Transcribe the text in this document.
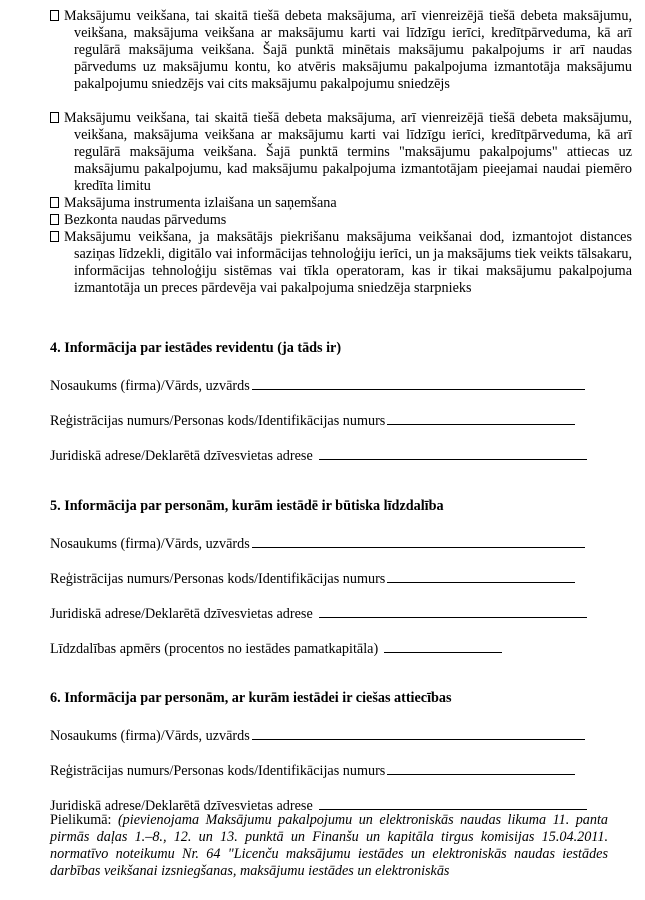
Maksājumu veikšana, tai skaitā tiešā debeta maksājuma, arī vienreizējā tiešā debeta maksājumu, veikšana, maksājuma veikšana ar maksājumu karti vai līdzīgu ierīci, kredītpārveduma, kā arī regulārā maksājuma veikšana. Šajā punktā minētais maksājumu pakalpojums ir arī naudas pārvedums uz maksājumu kontu, ko atvēris maksājumu pakalpojuma izmantotāja maksājumu pakalpojumu sniedzējs vai cits maksājumu pakalpojumu sniedzējs
Maksājumu veikšana, tai skaitā tiešā debeta maksājuma, arī vienreizējā tiešā debeta maksājumu, veikšana, maksājuma veikšana ar maksājumu karti vai līdzīgu ierīci, kredītpārveduma, kā arī regulārā maksājuma veikšana. Šajā punktā termins "maksājumu pakalpojums" attiecas uz maksājumu pakalpojumu, kad maksājumu pakalpojuma izmantotājam pieejamai naudai piemēro kredīta limitu
Maksājuma instrumenta izlaišana un saņemšana
Bezkonta naudas pārvedums
Maksājumu veikšana, ja maksātājs piekrišanu maksājuma veikšanai dod, izmantojot distances saziņas līdzekli, digitālo vai informācijas tehnoloģiju ierīci, un ja maksājums tiek veikts tālsakaru, informācijas tehnoloģiju sistēmas vai tīkla operatoram, kas ir tikai maksājumu pakalpojuma izmantotāja un preces pārdevēja vai pakalpojuma sniedzēja starpnieks
4. Informācija par iestādes revidentu (ja tāds ir)
Nosaukums (firma)/Vārds, uzvārds
Reģistrācijas numurs/Personas kods/Identifikācijas numurs
Juridiskā adrese/Deklarētā dzīvesvietas adrese
5. Informācija par personām, kurām iestādē ir būtiska līdzdalība
Nosaukums (firma)/Vārds, uzvārds
Reģistrācijas numurs/Personas kods/Identifikācijas numurs
Juridiskā adrese/Deklarētā dzīvesvietas adrese
Līdzdalības apmērs (procentos no iestādes pamatkapitāla)
6. Informācija par personām, ar kurām iestādei ir ciešas attiecības
Nosaukums (firma)/Vārds, uzvārds
Reģistrācijas numurs/Personas kods/Identifikācijas numurs
Juridiskā adrese/Deklarētā dzīvesvietas adrese
Pielikumā: (pievienojama Maksājumu pakalpojumu un elektroniskās naudas likuma 11. panta pirmās daļas 1.–8., 12. un 13. punktā un Finanšu un kapitāla tirgus komisijas 15.04.2011. normatīvo noteikumu Nr. 64 "Licenču maksājumu iestādes un elektroniskās naudas iestādes darbības veikšanai izsniegšanas, maksājumu iestādes un elektroniskās
